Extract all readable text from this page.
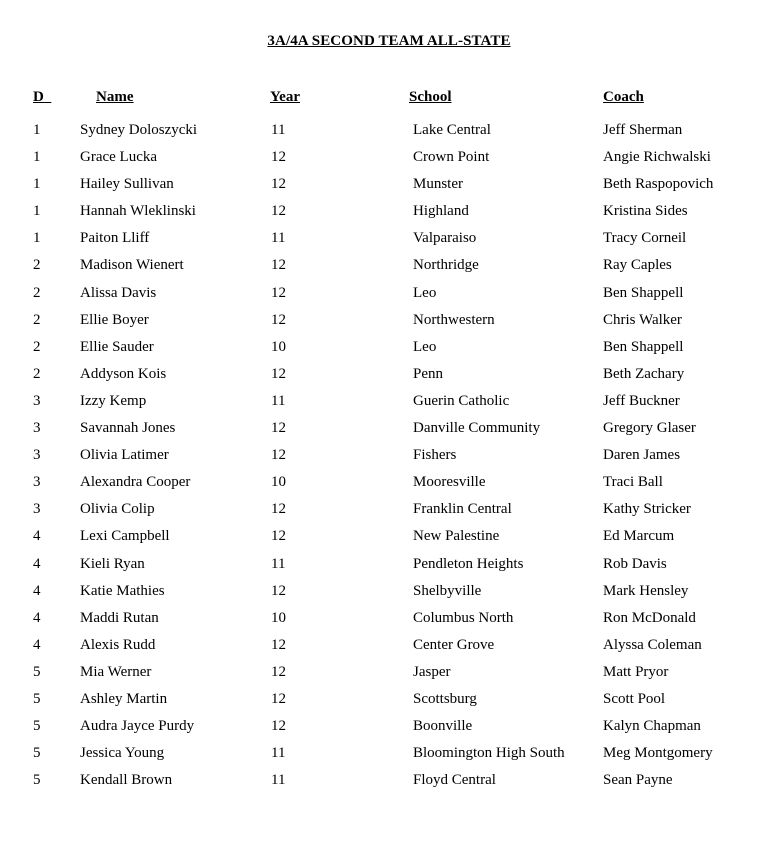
3A/4A SECOND TEAM ALL-STATE
D	Name	Year	School	Coach
1	Sydney Doloszycki	11	Lake Central	Jeff Sherman
1	Grace Lucka	12	Crown Point	Angie Richwalski
1	Hailey Sullivan	12	Munster	Beth Raspopovich
1	Hannah Wleklinski	12	Highland	Kristina Sides
1	Paiton Lliff	11	Valparaiso	Tracy Corneil
2	Madison Wienert	12	Northridge	Ray Caples
2	Alissa Davis	12	Leo	Ben Shappell
2	Ellie Boyer	12	Northwestern	Chris Walker
2	Ellie Sauder	10	Leo	Ben Shappell
2	Addyson Kois	12	Penn	Beth Zachary
3	Izzy Kemp	11	Guerin Catholic	Jeff Buckner
3	Savannah Jones	12	Danville Community	Gregory Glaser
3	Olivia Latimer	12	Fishers	Daren James
3	Alexandra Cooper	10	Mooresville	Traci Ball
3	Olivia Colip	12	Franklin Central	Kathy Stricker
4	Lexi Campbell	12	New Palestine	Ed Marcum
4	Kieli Ryan	11	Pendleton Heights	Rob Davis
4	Katie Mathies	12	Shelbyville	Mark Hensley
4	Maddi Rutan	10	Columbus North	Ron McDonald
4	Alexis Rudd	12	Center Grove	Alyssa Coleman
5	Mia Werner	12	Jasper	Matt Pryor
5	Ashley Martin	12	Scottsburg	Scott Pool
5	Audra Jayce Purdy	12	Boonville	Kalyn Chapman
5	Jessica Young	11	Bloomington High South	Meg Montgomery
5	Kendall Brown	11	Floyd Central	Sean Payne
